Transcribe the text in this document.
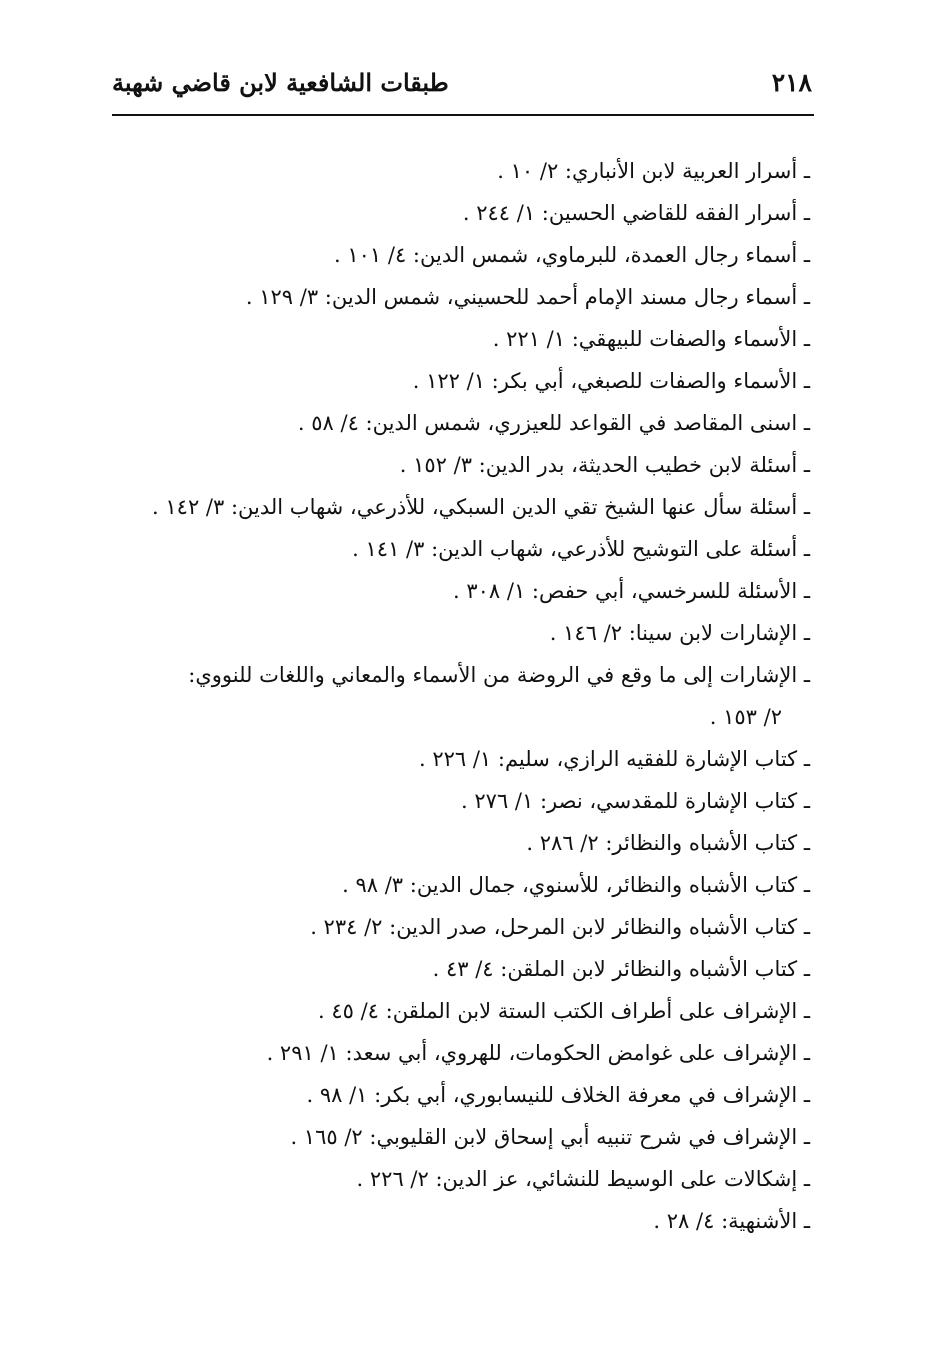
٢١٨
طبقات الشافعية لابن قاضي شهبة
ـ أسرار العربية لابن الأنباري: ٢/ ١٠ .
ـ أسرار الفقه للقاضي الحسين: ١/ ٢٤٤ .
ـ أسماء رجال العمدة، للبرماوي، شمس الدين: ٤/ ١٠١ .
ـ أسماء رجال مسند الإمام أحمد للحسيني، شمس الدين: ٣/ ١٢٩ .
ـ الأسماء والصفات للبيهقي: ١/ ٢٢١ .
ـ الأسماء والصفات للصبغي، أبي بكر: ١/ ١٢٢ .
ـ اسنى المقاصد في القواعد للعيزري، شمس الدين: ٤/ ٥٨ .
ـ أسئلة لابن خطيب الحديثة، بدر الدين: ٣/ ١٥٢ .
ـ أسئلة سأل عنها الشيخ تقي الدين السبكي، للأذرعي، شهاب الدين: ٣/ ١٤٢ .
ـ أسئلة على التوشيح للأذرعي، شهاب الدين: ٣/ ١٤١ .
ـ الأسئلة للسرخسي، أبي حفص: ١/ ٣٠٨ .
ـ الإشارات لابن سينا: ٢/ ١٤٦ .
ـ الإشارات إلى ما وقع في الروضة من الأسماء والمعاني واللغات للنووي:
٢/ ١٥٣ .
ـ كتاب الإشارة للفقيه الرازي، سليم: ١/ ٢٢٦ .
ـ كتاب الإشارة للمقدسي، نصر: ١/ ٢٧٦ .
ـ كتاب الأشباه والنظائر: ٢/ ٢٨٦ .
ـ كتاب الأشباه والنظائر، للأسنوي، جمال الدين: ٣/ ٩٨ .
ـ كتاب الأشباه والنظائر لابن المرحل، صدر الدين: ٢/ ٢٣٤ .
ـ كتاب الأشباه والنظائر لابن الملقن: ٤/ ٤٣ .
ـ الإشراف على أطراف الكتب الستة لابن الملقن: ٤/ ٤٥ .
ـ الإشراف على غوامض الحكومات، للهروي، أبي سعد: ١/ ٢٩١ .
ـ الإشراف في معرفة الخلاف للنيسابوري، أبي بكر: ١/ ٩٨ .
ـ الإشراف في شرح تنبيه أبي إسحاق لابن القليوبي: ٢/ ١٦٥ .
ـ إشكالات على الوسيط للنشائي، عز الدين: ٢/ ٢٢٦ .
ـ الأشنهية: ٤/ ٢٨ .
